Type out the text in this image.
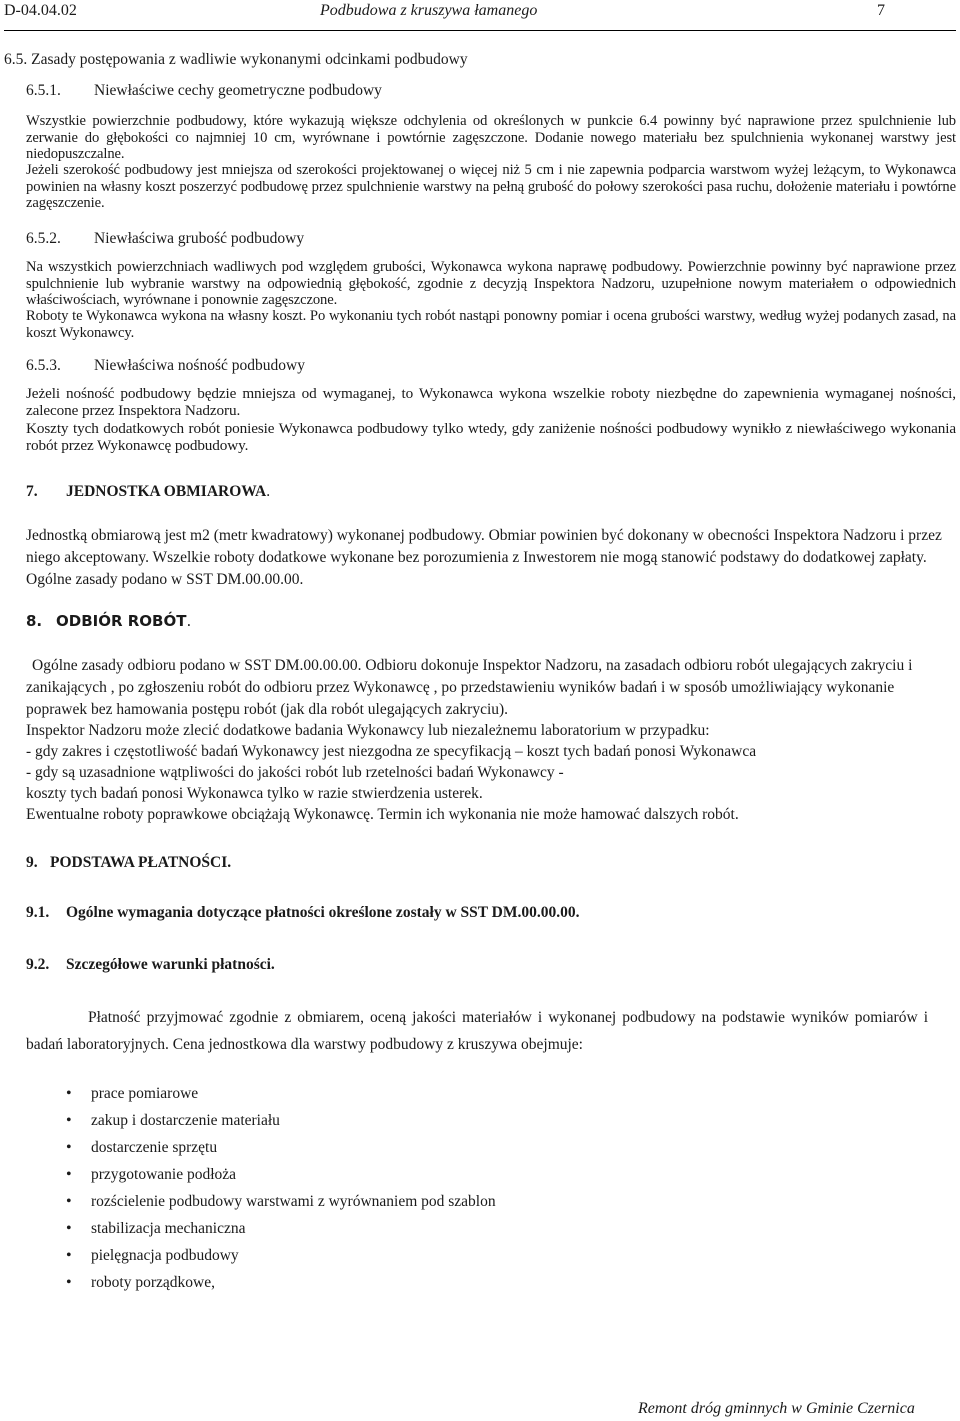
D-04.04.02	Podbudowa z kruszywa łamanego	7
6.5. Zasady postępowania z wadliwie wykonanymi odcinkami podbudowy
6.5.1. Niewłaściwe cechy geometryczne podbudowy
Wszystkie powierzchnie podbudowy, które wykazują większe odchylenia od określonych w punkcie 6.4 powinny być naprawione przez spulchnienie lub zerwanie do głębokości co najmniej 10 cm, wyrównane i powtórnie zagęszczone. Dodanie nowego materiału bez spulchnienia wykonanej warstwy jest niedopuszczalne.
Jeżeli szerokość podbudowy jest mniejsza od szerokości projektowanej o więcej niż 5 cm i nie zapewnia podparcia warstwom wyżej leżącym, to Wykonawca powinien na własny koszt poszerzyć podbudowę przez spulchnienie warstwy na pełną grubość do połowy szerokości pasa ruchu, dołożenie materiału i powtórne zagęszczenie.
6.5.2. Niewłaściwa grubość podbudowy
Na wszystkich powierzchniach wadliwych pod względem grubości, Wykonawca wykona naprawę podbudowy. Powierzchnie powinny być naprawione przez spulchnienie lub wybranie warstwy na odpowiednią głębokość, zgodnie z decyzją Inspektora Nadzoru, uzupełnione nowym materiałem o odpowiednich właściwościach, wyrównane i ponownie zagęszczone.
Roboty te Wykonawca wykona na własny koszt. Po wykonaniu tych robót nastąpi ponowny pomiar i ocena grubości warstwy, według wyżej podanych zasad, na koszt Wykonawcy.
6.5.3. Niewłaściwa nośność podbudowy
Jeżeli nośność podbudowy będzie mniejsza od wymaganej, to Wykonawca wykona wszelkie roboty niezbędne do zapewnienia wymaganej nośności, zalecone przez Inspektora Nadzoru.
Koszty tych dodatkowych robót poniesie Wykonawca podbudowy tylko wtedy, gdy zaniżenie nośności podbudowy wynikło z niewłaściwego wykonania robót przez Wykonawcę podbudowy.
7. JEDNOSTKA OBMIAROWA.
Jednostką obmiarową jest m2 (metr kwadratowy) wykonanej podbudowy. Obmiar powinien być dokonany w obecności Inspektora Nadzoru i przez niego akceptowany. Wszelkie roboty dodatkowe wykonane bez porozumienia z Inwestorem nie mogą stanowić podstawy do dodatkowej zapłaty. Ogólne zasady podano w SST DM.00.00.00.
8. ODBIÓR ROBÓT.
Ogólne zasady odbioru podano w SST DM.00.00.00. Odbioru dokonuje Inspektor Nadzoru, na zasadach odbioru robót ulegających zakryciu i zanikających , po zgłoszeniu robót do odbioru przez Wykonawcę , po przedstawieniu wyników badań i w sposób umożliwiający wykonanie poprawek bez hamowania postępu robót (jak dla robót ulegających zakryciu).
Inspektor Nadzoru może zlecić dodatkowe badania Wykonawcy lub niezależnemu laboratorium w przypadku:
- gdy zakres i częstotliwość badań Wykonawcy jest niezgodna ze specyfikacją – koszt tych badań ponosi Wykonawca
- gdy są uzasadnione wątpliwości do jakości robót lub rzetelności badań Wykonawcy -
koszty tych badań ponosi Wykonawca tylko w razie stwierdzenia usterek.
Ewentualne roboty poprawkowe obciążają Wykonawcę. Termin ich wykonania nie może hamować dalszych robót.
9. PODSTAWA PŁATNOŚCI.
9.1. Ogólne wymagania dotyczące płatności określone zostały w SST DM.00.00.00.
9.2. Szczegółowe warunki płatności.
Płatność przyjmować zgodnie z obmiarem, oceną jakości materiałów i wykonanej podbudowy na podstawie wyników pomiarów i badań laboratoryjnych. Cena jednostkowa dla warstwy podbudowy z kruszywa obejmuje:
• prace pomiarowe
• zakup i dostarczenie materiału
• dostarczenie sprzętu
• przygotowanie podłoża
• rozścielenie podbudowy warstwami z wyrównaniem pod szablon
• stabilizacja mechaniczna
• pielęgnacja podbudowy
• roboty porządkowe,
Remont dróg gminnych w Gminie Czernica
